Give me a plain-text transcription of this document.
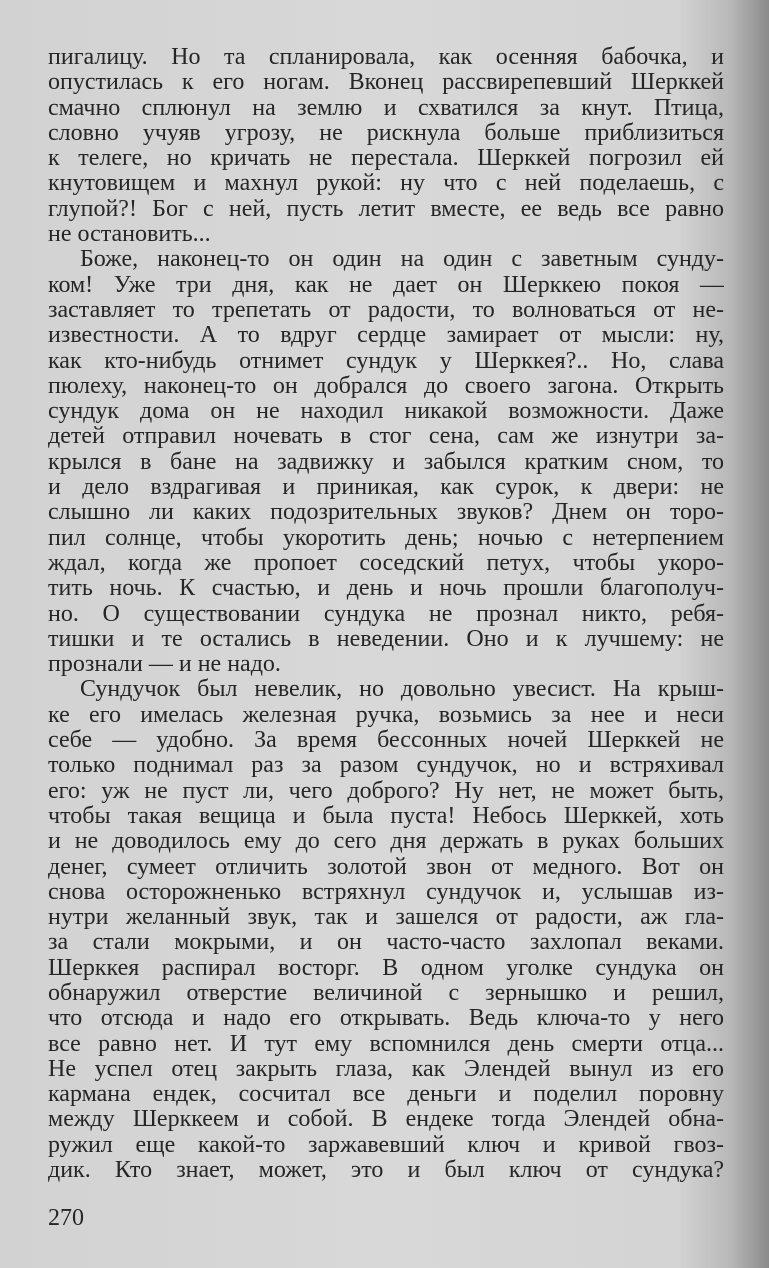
пигалицу. Но та спланировала, как осенняя бабочка, и
опустилась к его ногам. Вконец рассвирепевший Шерккей
смачно сплюнул на землю и схватился за кнут. Птица,
словно учуяв угрозу, не рискнула больше приблизиться
к телеге, но кричать не перестала. Шерккей погрозил ей
кнутовищем и махнул рукой: ну что с ней поделаешь, с
глупой?! Бог с ней, пусть летит вместе, ее ведь все равно
не остановить...
Боже, наконец-то он один на один с заветным сунду-
ком! Уже три дня, как не дает он Шерккею покоя —
заставляет то трепетать от радости, то волноваться от не-
известности. А то вдруг сердце замирает от мысли: ну,
как кто-нибудь отнимет сундук у Шерккея?.. Но, слава
пюлеху, наконец-то он добрался до своего загона. Открыть
сундук дома он не находил никакой возможности. Даже
детей отправил ночевать в стог сена, сам же изнутри за-
крылся в бане на задвижку и забылся кратким сном, то
и дело вздрагивая и приникая, как сурок, к двери: не
слышно ли каких подозрительных звуков? Днем он торо-
пил солнце, чтобы укоротить день; ночью с нетерпением
ждал, когда же пропоет соседский петух, чтобы укоро-
тить ночь. К счастью, и день и ночь прошли благополуч-
но. О существовании сундука не прознал никто, ребя-
тишки и те остались в неведении. Оно и к лучшему: не
прознали — и не надо.
Сундучок был невелик, но довольно увесист. На крыш-
ке его имелась железная ручка, возьмись за нее и неси
себе — удобно. За время бессонных ночей Шерккей не
только поднимал раз за разом сундучок, но и встряхивал
его: уж не пуст ли, чего доброго? Ну нет, не может быть,
чтобы такая вещица и была пуста! Небось Шерккей, хоть
и не доводилось ему до сего дня держать в руках больших
денег, сумеет отличить золотой звон от медного. Вот он
снова осторожненько встряхнул сундучок и, услышав из-
нутри желанный звук, так и зашелся от радости, аж гла-
за стали мокрыми, и он часто-часто захлопал веками.
Шерккея распирал восторг. В одном уголке сундука он
обнаружил отверстие величиной с зернышко и решил,
что отсюда и надо его открывать. Ведь ключа-то у него
все равно нет. И тут ему вспомнился день смерти отца...
Не успел отец закрыть глаза, как Элендей вынул из его
кармана ендек, сосчитал все деньги и поделил поровну
между Шерккеем и собой. В ендеке тогда Элендей обна-
ружил еще какой-то заржавевший ключ и кривой гвоз-
дик. Кто знает, может, это и был ключ от сундука?
270
